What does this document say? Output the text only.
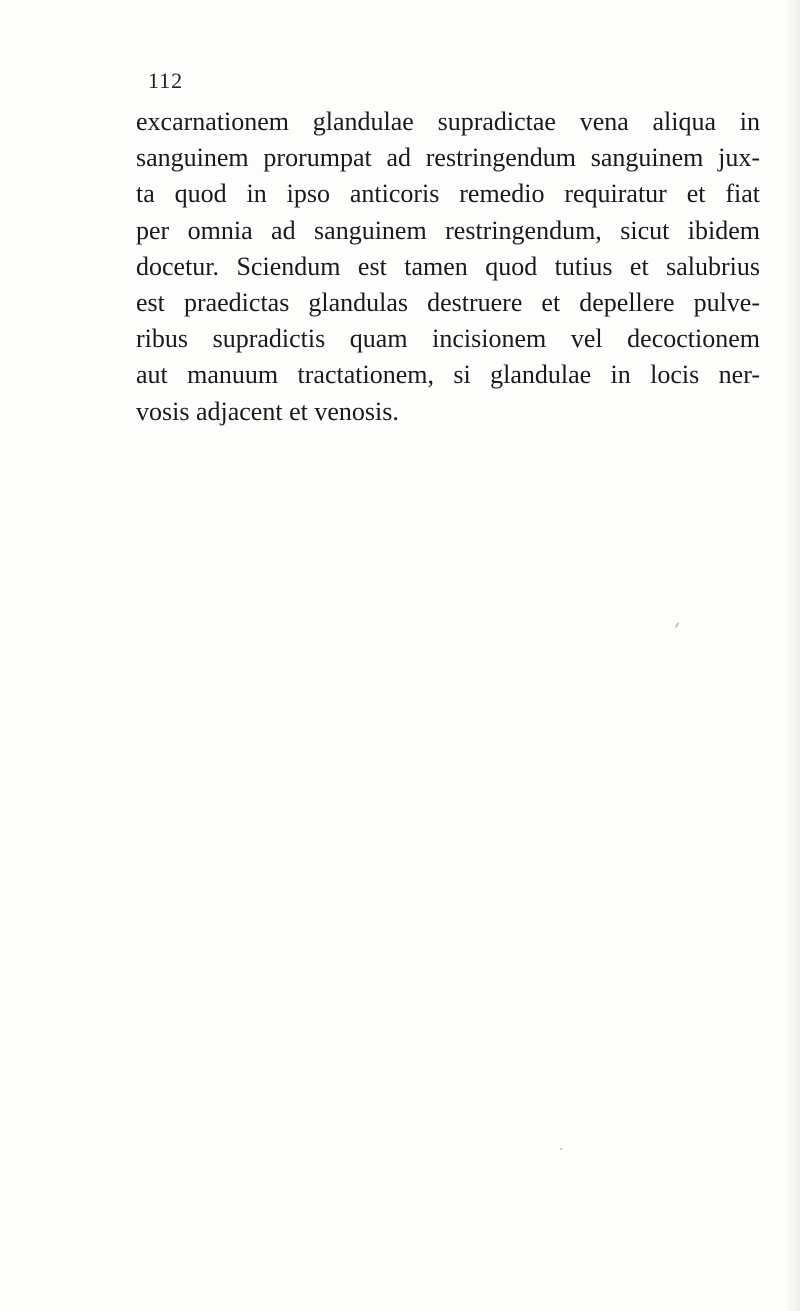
112
excarnationem glandulae supradictae vena aliqua in
sanguinem prorumpat ad restringendum sanguinem jux-
ta quod in ipso anticoris remedio requiratur et fiat
per omnia ad sanguinem restringendum, sicut ibidem
docetur. Sciendum est tamen quod tutius et salubrius
est praedictas glandulas destruere et depellere pulve-
ribus supradictis quam incisionem vel decoctionem
aut manuum tractationem, si glandulae in locis ner-
vosis adjacent et venosis.
